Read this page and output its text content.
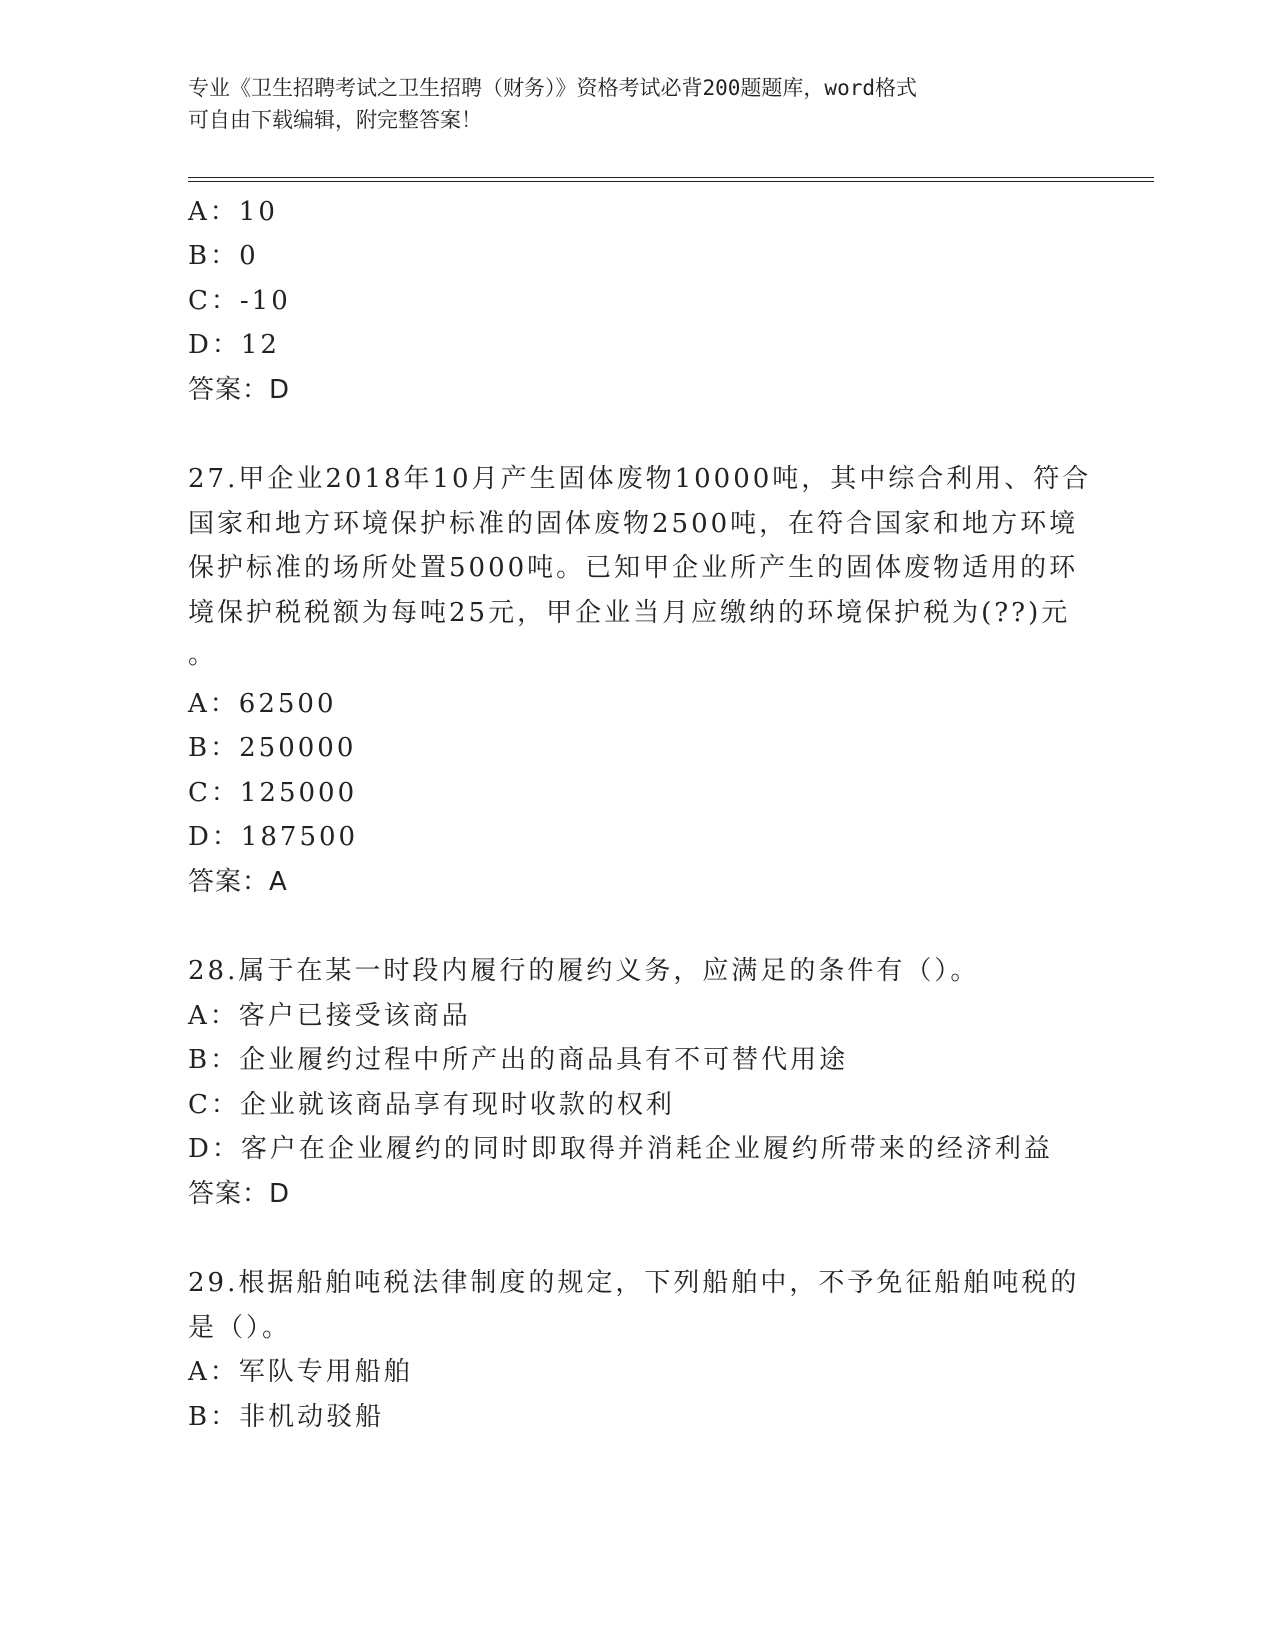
专业《卫生招聘考试之卫生招聘（财务）》资格考试必背200题题库，word格式
可自由下载编辑，附完整答案！
A：10
B：0
C：-10
D：12
答案：D
27.甲企业2018年10月产生固体废物10000吨，其中综合利用、符合
国家和地方环境保护标准的固体废物2500吨，在符合国家和地方环境
保护标准的场所处置5000吨。已知甲企业所产生的固体废物适用的环
境保护税税额为每吨25元，甲企业当月应缴纳的环境保护税为(??)元
。
A：62500
B：250000
C：125000
D：187500
答案：A
28.属于在某一时段内履行的履约义务，应满足的条件有（）。
A：客户已接受该商品
B：企业履约过程中所产出的商品具有不可替代用途
C：企业就该商品享有现时收款的权利
D：客户在企业履约的同时即取得并消耗企业履约所带来的经济利益
答案：D
29.根据船舶吨税法律制度的规定，下列船舶中，不予免征船舶吨税的
是（）。
A：军队专用船舶
B：非机动驳船
